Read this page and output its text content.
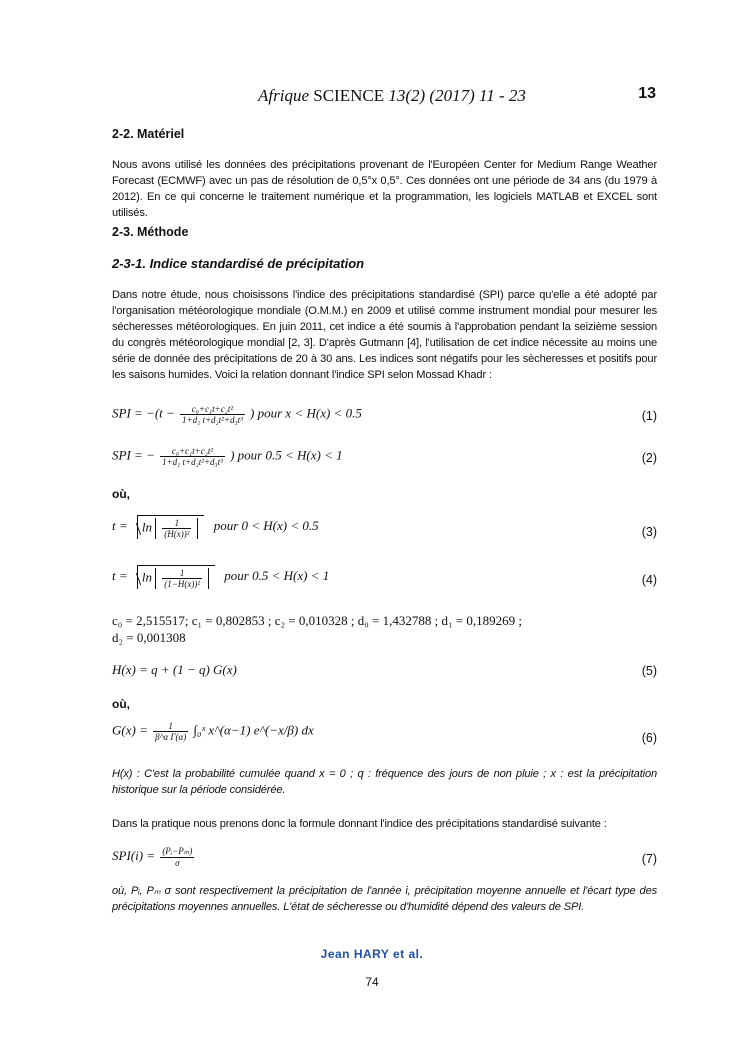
Afrique SCIENCE 13(2) (2017) 11 - 23	13
2-2. Matériel
Nous avons utilisé les données des précipitations provenant de l'Européen Center for Medium Range Weather Forecast (ECMWF) avec un pas de résolution de 0,5°x 0,5°. Ces données ont une période de 34 ans (du 1979 à 2012). En ce qui concerne le traitement numérique et la programmation, les logiciels MATLAB et EXCEL sont utilisés.
2-3. Méthode
2-3-1. Indice standardisé de précipitation
Dans notre étude, nous choisissons l'indice des précipitations standardisé (SPI) parce qu'elle a été adopté par l'organisation météorologique mondiale (O.M.M.) en 2009 et utilisé comme instrument mondial pour mesurer les sécheresses météorologiques. En juin 2011, cet indice a été soumis à l'approbation pendant la seizième session du congrès météorologique mondial [2, 3]. D'après Gutmann [4], l'utilisation de cet indice nécessite au moins une série de donnée des précipitations de 20 à 30 ans. Les indices sont négatifs pour les sècheresses et positifs pour les saisons humides. Voici la relation donnant l'indice SPI selon Mossad Khadr :
SPI = $-(t - \frac{\text{c₀+c₁t+c₂t²}}{\text{1+d₁ t+d₂t²+d₃t³}}$ ) pour x < H(x) < 0.5	(1)
SPI = − $\frac{\text{c₀+c₁t+c₂t²}}{\text{1+d₁ t+d₂t²+d₃t³}}$ ) pour 0.5 < H(x) < 1	(2)
où,
$t = \ln \frac{1}{\text{(H(x))²}}$ pour 0 < H(x) < 0.5	(3)
$t = \ln \frac{1}{\text{(1−H(x))²}}$ pour 0.5 < H(x) < 1	(4)
c₀ = 2,515517; c₁ = 0,802853 ; c₂ = 0,010328 ; d₀ = 1,432788 ; d₁ = 0,189269 ;
d₂ = 0,001308
H(x) = q + (1 − q) G(x)	(5)
où,
$G(x) = \frac{1}{\text{β\textasciicircum{}α Γ(α)}}$ ∫₀ˣ x^(α−1) e^(−x/β) dx
(6)
H(x) : C'est la probabilité cumulée quand x = 0 ; q : fréquence des jours de non pluie ; x : est la précipitation historique sur la période considérée.
Dans la pratique nous prenons donc la formule donnant l'indice des précipitations standardisé suivante :
$SPI(i) = \frac{\text{(Pᵢ−Pₘ)}}{\sigma}$	(7)
où, Pᵢ, Pₘ σ sont respectivement la précipitation de l'année i, précipitation moyenne annuelle et l'écart type des précipitations moyennes annuelles. L'état de sécheresse ou d'humidité dépend des valeurs de SPI.
Jean HARY et al.
74
